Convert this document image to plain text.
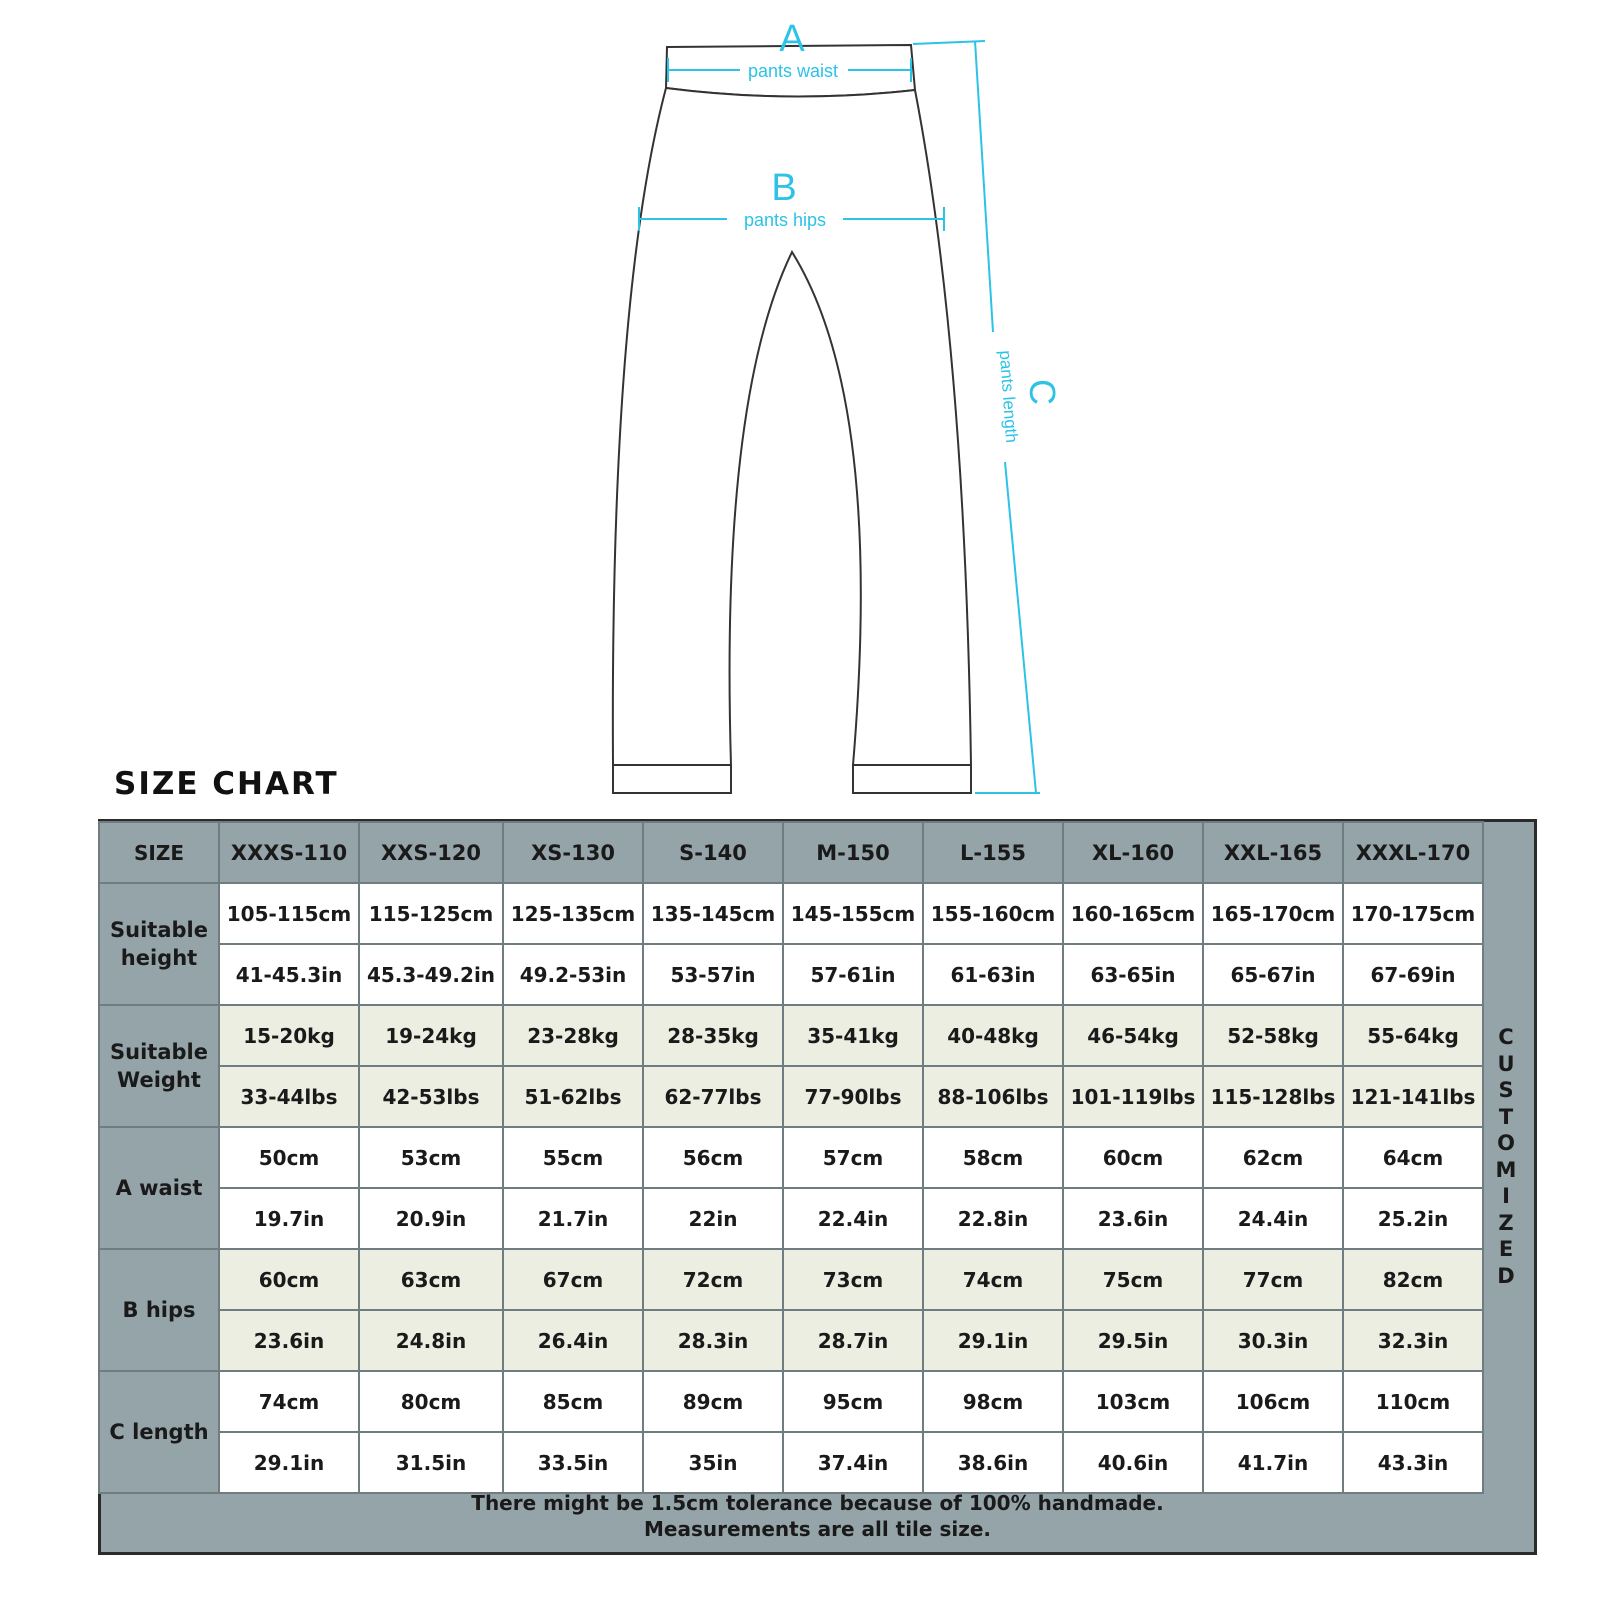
A
pants waist
B
pants hips
C
pants length
SIZE CHART
SIZE	XXXS-110	XXS-120	XS-130	S-140	M-150	L-155	XL-160	XXL-165	XXXL-170
Suitable height	105-115cm	115-125cm	125-135cm	135-145cm	145-155cm	155-160cm	160-165cm	165-170cm	170-175cm
	41-45.3in	45.3-49.2in	49.2-53in	53-57in	57-61in	61-63in	63-65in	65-67in	67-69in
Suitable Weight	15-20kg	19-24kg	23-28kg	28-35kg	35-41kg	40-48kg	46-54kg	52-58kg	55-64kg
	33-44lbs	42-53lbs	51-62lbs	62-77lbs	77-90lbs	88-106lbs	101-119lbs	115-128lbs	121-141lbs
A waist	50cm	53cm	55cm	56cm	57cm	58cm	60cm	62cm	64cm
	19.7in	20.9in	21.7in	22in	22.4in	22.8in	23.6in	24.4in	25.2in
B hips	60cm	63cm	67cm	72cm	73cm	74cm	75cm	77cm	82cm
	23.6in	24.8in	26.4in	28.3in	28.7in	29.1in	29.5in	30.3in	32.3in
C length	74cm	80cm	85cm	89cm	95cm	98cm	103cm	106cm	110cm
	29.1in	31.5in	33.5in	35in	37.4in	38.6in	40.6in	41.7in	43.3in
C
U
S
T
O
M
I
Z
E
D
There might be 1.5cm tolerance because of 100% handmade.
Measurements are all tile size.
